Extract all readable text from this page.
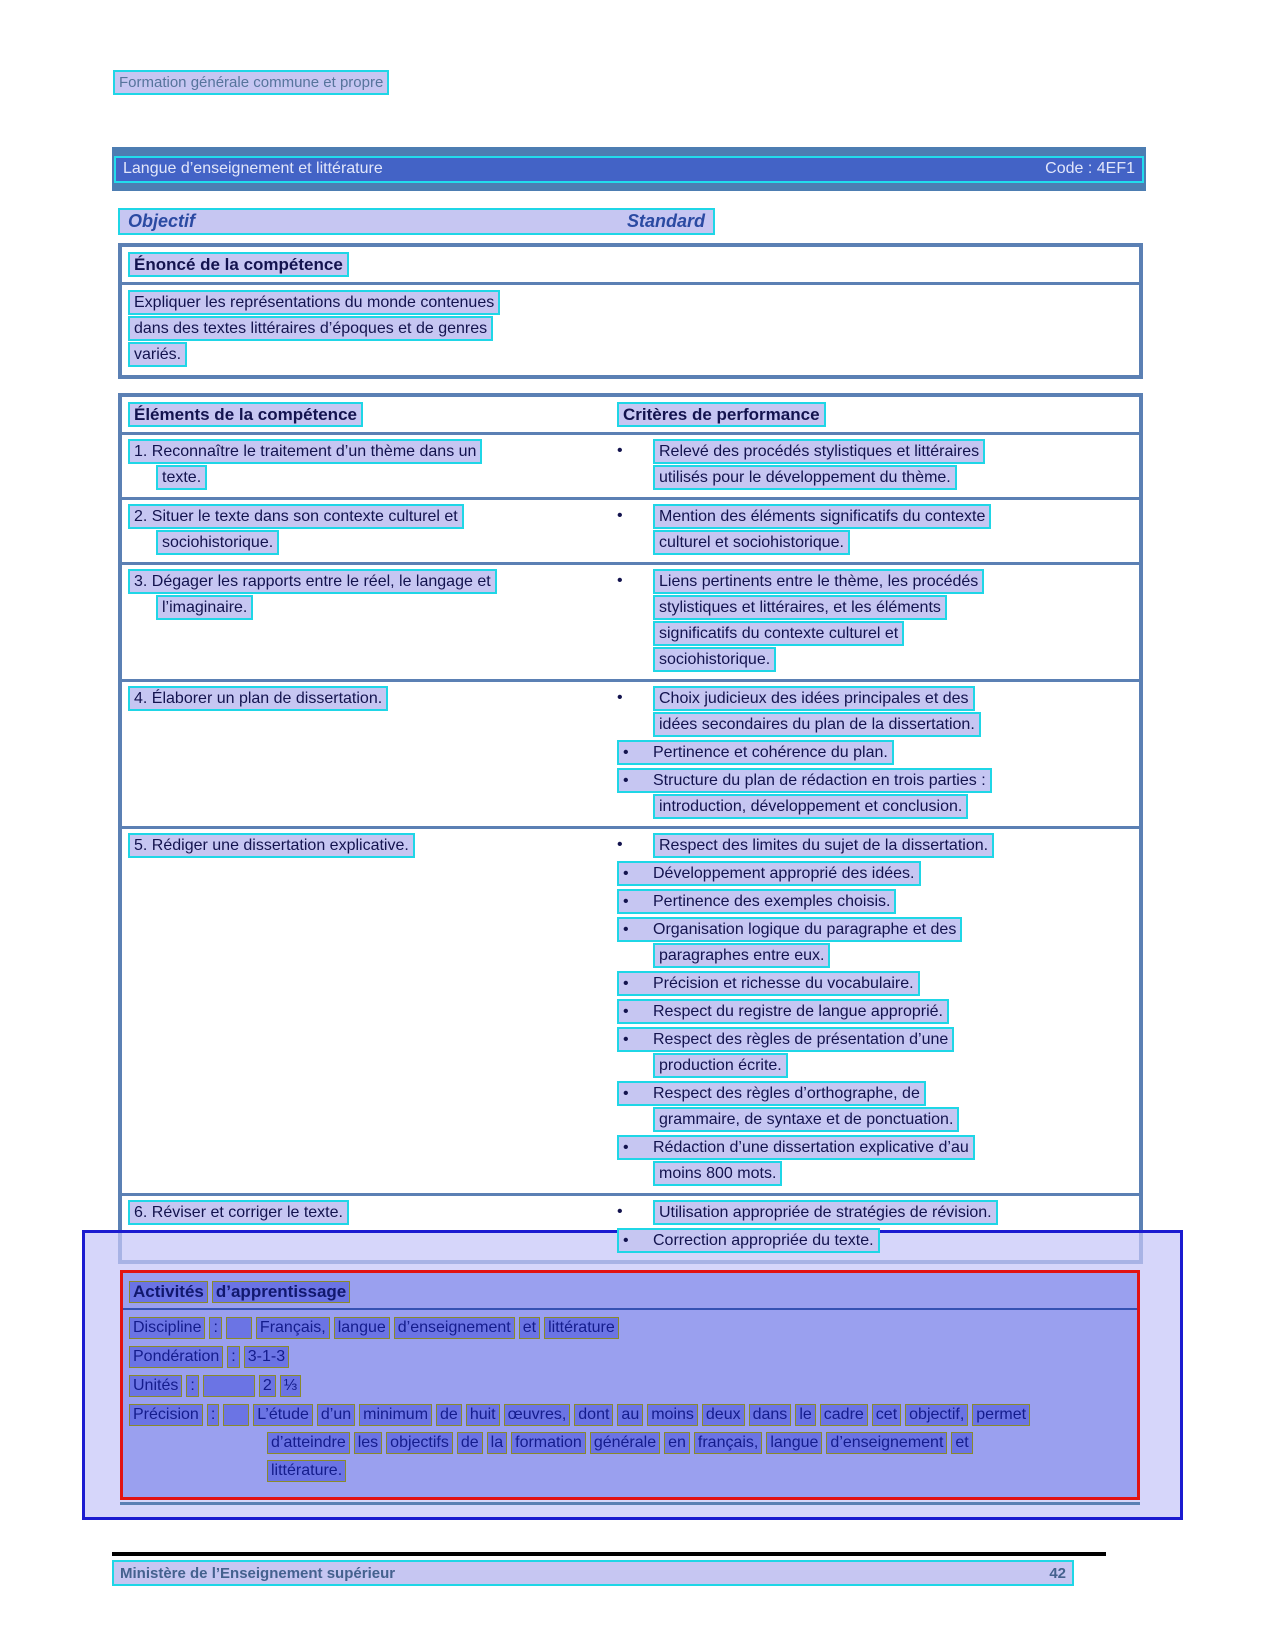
Formation générale commune et propre
Langue d’enseignement et littérature	Code : 4EF1
Objectif	Standard
Énoncé de la compétence
Expliquer les représentations du monde contenues
dans des textes littéraires d’époques et de genres
variés.
Éléments de la compétence	Critères de performance
1. Reconnaître le traitement d’un thème dans un
texte.
•	Relevé des procédés stylistiques et littéraires
utilisés pour le développement du thème.
2. Situer le texte dans son contexte culturel et
sociohistorique.
•	Mention des éléments significatifs du contexte
culturel et sociohistorique.
3. Dégager les rapports entre le réel, le langage et
l’imaginaire.
•	Liens pertinents entre le thème, les procédés
stylistiques et littéraires, et les éléments
significatifs du contexte culturel et
sociohistorique.
4. Élaborer un plan de dissertation.	•	Choix judicieux des idées principales et des
idées secondaires du plan de la dissertation.
• Pertinence et cohérence du plan.
• Structure du plan de rédaction en trois parties :
introduction, développement et conclusion.
5. Rédiger une dissertation explicative.	•	Respect des limites du sujet de la dissertation.
• Développement approprié des idées.
• Pertinence des exemples choisis.
• Organisation logique du paragraphe et des
paragraphes entre eux.
• Précision et richesse du vocabulaire.
• Respect du registre de langue approprié.
• Respect des règles de présentation d’une
production écrite.
• Respect des règles d’orthographe, de
grammaire, de syntaxe et de ponctuation.
• Rédaction d’une dissertation explicative d’au
moins 800 mots.
6. Réviser et corriger le texte.	•	Utilisation appropriée de stratégies de révision.
• Correction appropriée du texte.
Activités d’apprentissage
Discipline :	Français, langue d’enseignement et littérature
Pondération : 3-1-3
Unités :	2 ⅓
Précision :	L’étude d’un minimum de huit œuvres, dont au moins deux dans le cadre cet objectif, permet
d’atteindre les objectifs de la formation générale en français, langue d’enseignement et
littérature.
Ministère de l’Enseignement supérieur	42
